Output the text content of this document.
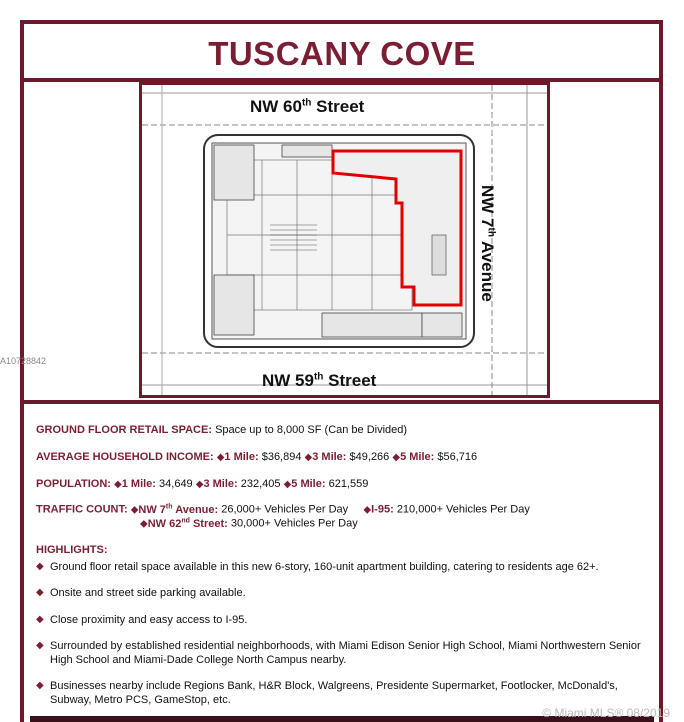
TUSCANY COVE
NW 60th Street
NW 59th Street
NW 7th Avenue
A10728842
GROUND FLOOR RETAIL SPACE: Space up to 8,000 SF (Can be Divided)
AVERAGE HOUSEHOLD INCOME: ◆1 Mile: $36,894 ◆3 Mile: $49,266 ◆5 Mile: $56,716
POPULATION: ◆1 Mile: 34,649 ◆3 Mile: 232,405 ◆5 Mile: 621,559
TRAFFIC COUNT: ◆NW 7th Avenue: 26,000+ Vehicles Per Day ◆I-95: 210,000+ Vehicles Per Day
◆NW 62nd Street: 30,000+ Vehicles Per Day
HIGHLIGHTS:
◆ Ground floor retail space available in this new 6-story, 160-unit apartment building, catering to residents age 62+.
◆ Onsite and street side parking available.
◆ Close proximity and easy access to I-95.
◆ Surrounded by established residential neighborhoods, with Miami Edison Senior High School, Miami Northwestern Senior High School and Miami-Dade College North Campus nearby.
◆ Businesses nearby include Regions Bank, H&R Block, Walgreens, Presidente Supermarket, Footlocker, McDonald's, Subway, Metro PCS, GameStop, etc.
© Miami MLS® 08/2019
